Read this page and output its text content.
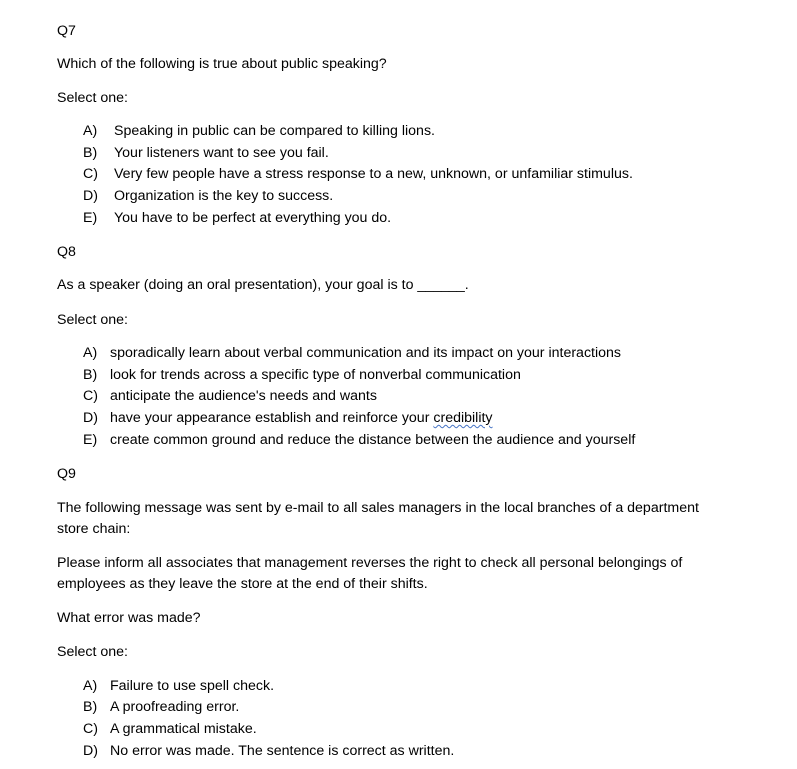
Q7
Which of the following is true about public speaking?
Select one:
A) Speaking in public can be compared to killing lions.
B) Your listeners want to see you fail.
C) Very few people have a stress response to a new, unknown, or unfamiliar stimulus.
D) Organization is the key to success.
E) You have to be perfect at everything you do.
Q8
As a speaker (doing an oral presentation), your goal is to ______.
Select one:
A) sporadically learn about verbal communication and its impact on your interactions
B) look for trends across a specific type of nonverbal communication
C) anticipate the audience's needs and wants
D) have your appearance establish and reinforce your credibility
E) create common ground and reduce the distance between the audience and yourself
Q9
The following message was sent by e-mail to all sales managers in the local branches of a department
store chain:
Please inform all associates that management reverses the right to check all personal belongings of
employees as they leave the store at the end of their shifts.
What error was made?
Select one:
A) Failure to use spell check.
B) A proofreading error.
C) A grammatical mistake.
D) No error was made. The sentence is correct as written.
